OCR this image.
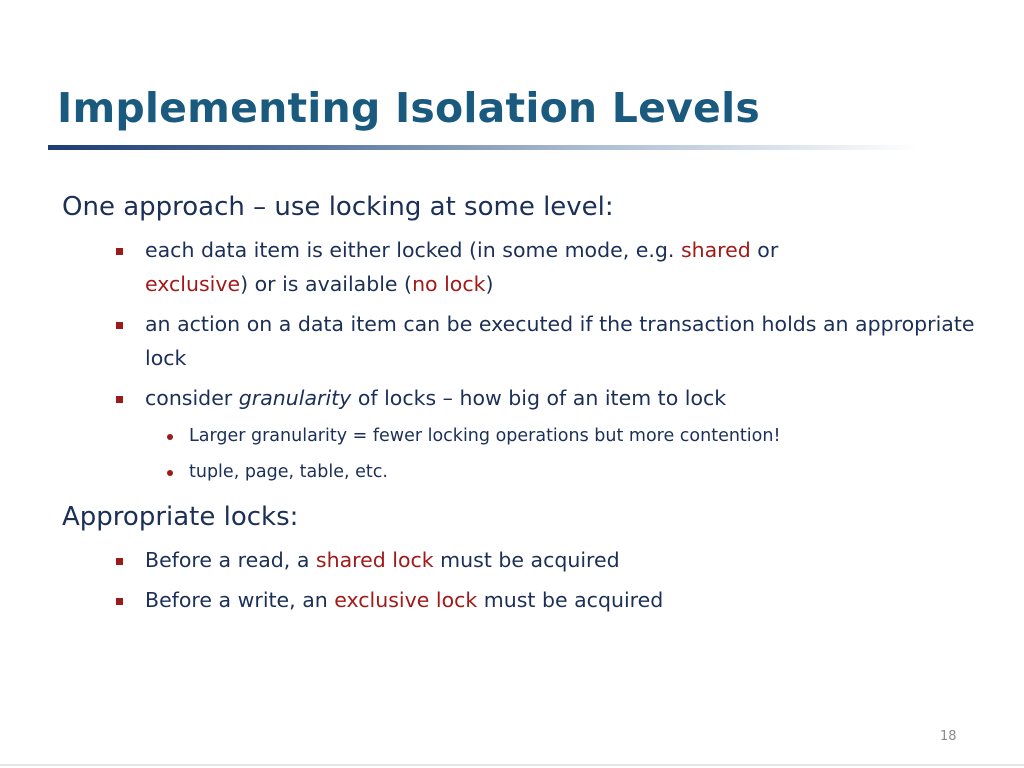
Implementing Isolation Levels

One approach – use locking at some level:

each data item is either locked (in some mode, e.g. shared or
exclusive) or is available (no lock)
an action on a data item can be executed if the transaction holds an appropriate lock
consider granularity of locks – how big of an item to lock
Larger granularity = fewer locking operations but more contention!
tuple, page, table, etc.

Appropriate locks:

Before a read, a shared lock must be acquired
Before a write, an exclusive lock must be acquired
18
